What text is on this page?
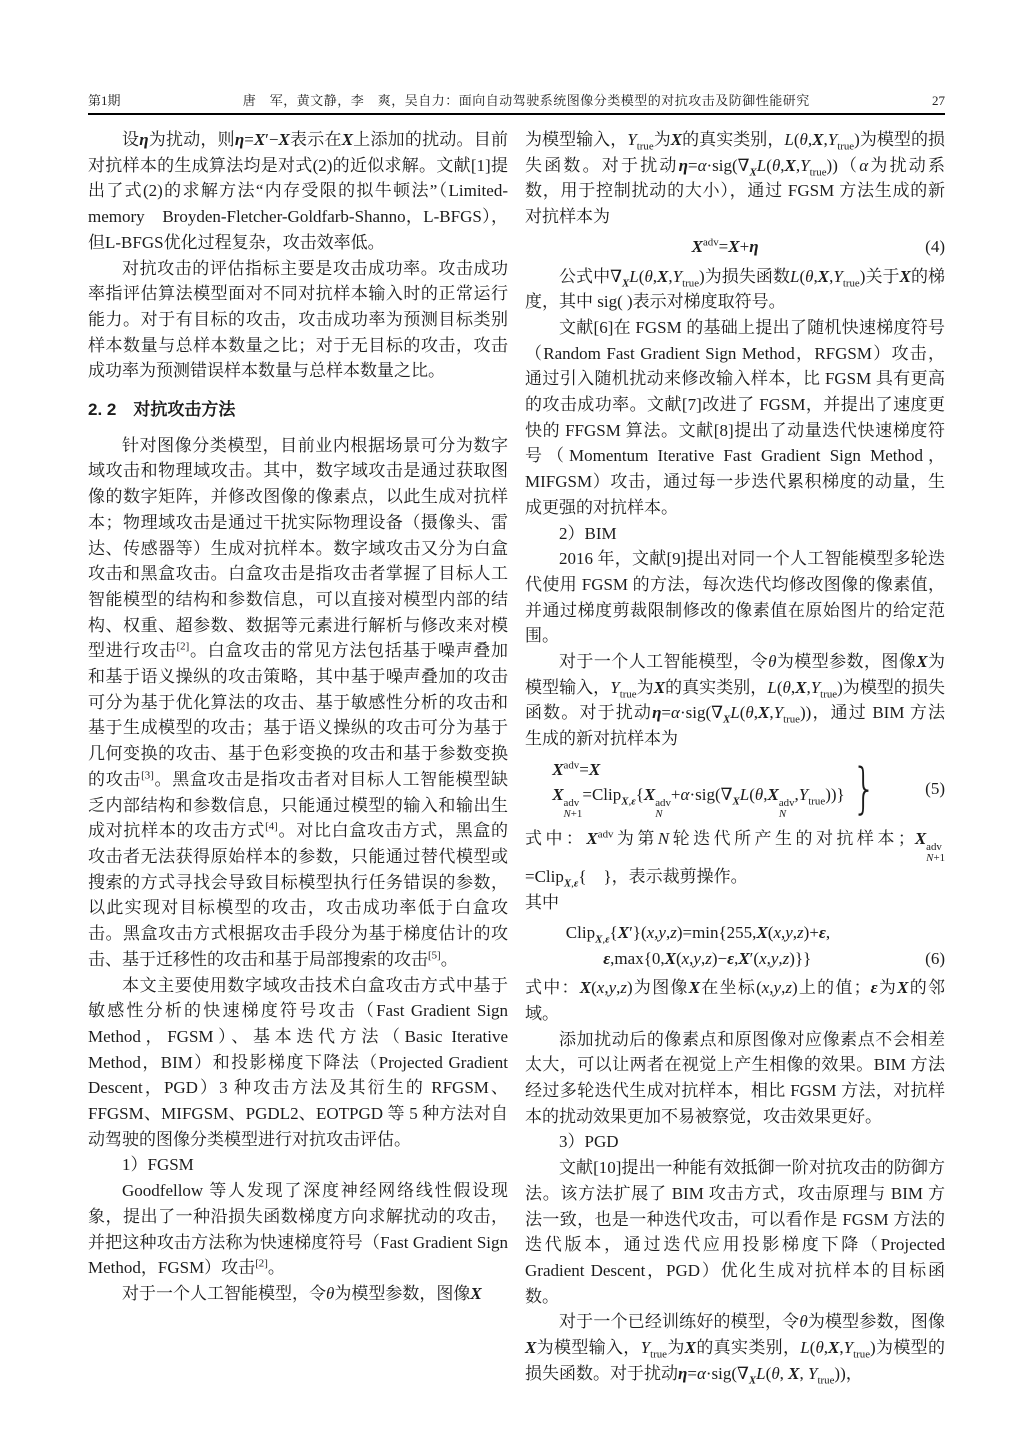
第1期	唐　军，黄文静，李　爽，吴自力：面向自动驾驶系统图像分类模型的对抗攻击及防御性能研究	27

设η为扰动，则η=X′−X表示在X上添加的扰动。目前对抗样本的生成算法均是对式(2)的近似求解。文献[1]提出了式(2)的求解方法“内存受限的拟牛顿法”（Limited-memory　Broyden-Fletcher-Goldfarb-Shanno，L-BFGS），但L-BFGS优化过程复杂，攻击效率低。

对抗攻击的评估指标主要是攻击成功率。攻击成功率指评估算法模型面对不同对抗样本输入时的正常运行能力。对于有目标的攻击，攻击成功率为预测目标类别样本数量与总样本数量之比；对于无目标的攻击，攻击成功率为预测错误样本数量与总样本数量之比。

2. 2　对抗攻击方法

针对图像分类模型，目前业内根据场景可分为数字域攻击和物理域攻击。其中，数字域攻击是通过获取图像的数字矩阵，并修改图像的像素点，以此生成对抗样本；物理域攻击是通过干扰实际物理设备（摄像头、雷达、传感器等）生成对抗样本。数字域攻击又分为白盒攻击和黑盒攻击。白盒攻击是指攻击者掌握了目标人工智能模型的结构和参数信息，可以直接对模型内部的结构、权重、超参数、数据等元素进行解析与修改来对模型进行攻击[2]。白盒攻击的常见方法包括基于噪声叠加和基于语义操纵的攻击策略，其中基于噪声叠加的攻击可分为基于优化算法的攻击、基于敏感性分析的攻击和基于生成模型的攻击；基于语义操纵的攻击可分为基于几何变换的攻击、基于色彩变换的攻击和基于参数变换的攻击[3]。黑盒攻击是指攻击者对目标人工智能模型缺乏内部结构和参数信息，只能通过模型的输入和输出生成对抗样本的攻击方式[4]。对比白盒攻击方式，黑盒的攻击者无法获得原始样本的参数，只能通过替代模型或搜索的方式寻找会导致目标模型执行任务错误的参数，以此实现对目标模型的攻击，攻击成功率低于白盒攻击。黑盒攻击方式根据攻击手段分为基于梯度估计的攻击、基于迁移性的攻击和基于局部搜索的攻击[5]。

本文主要使用数字域攻击技术白盒攻击方式中基于敏感性分析的快速梯度符号攻击（Fast Gradient Sign Method，FGSM）、基本迭代方法（Basic Iterative Method，BIM）和投影梯度下降法（Projected Gradient Descent，PGD）3 种攻击方法及其衍生的 RFGSM、FFGSM、MIFGSM、PGDL2、EOTPGD 等 5 种方法对自动驾驶的图像分类模型进行对抗攻击评估。

1）FGSM

Goodfellow 等人发现了深度神经网络线性假设现象，提出了一种沿损失函数梯度方向求解扰动的攻击，并把这种攻击方法称为快速梯度符号（Fast Gradient Sign Method，FGSM）攻击[2]。

对于一个人工智能模型，令θ为模型参数，图像X

为模型输入，$Y_{true}$为X的真实类别，$L(\theta,X,Y_{true})$为模型的损失函数。对于扰动$\eta=\alpha\cdot sig(\nabla_XL(\theta,X,Y_{true}))(\alpha$为扰动系数，用于控制扰动的大小），通过 FGSM 方法生成的新对抗样本为

$X^{adv}=X+\eta$	(4)

公式中$\nabla_XL(\theta,X,Y_{true})$为损失函数$L(\theta,X,Y_{true})$关于X的梯度，其中 sig( )表示对梯度取符号。

文献[6]在 FGSM 的基础上提出了随机快速梯度符号（Random Fast Gradient Sign Method，RFGSM）攻击，通过引入随机扰动来修改输入样本，比 FGSM 具有更高的攻击成功率。文献[7]改进了 FGSM，并提出了速度更快的 FFGSM 算法。文献[8]提出了动量迭代快速梯度符号（Momentum Iterative Fast Gradient Sign Method，MIFGSM）攻击，通过每一步迭代累积梯度的动量，生成更强的对抗样本。

2）BIM

2016 年，文献[9]提出对同一个人工智能模型多轮迭代使用 FGSM 的方法，每次迭代均修改图像的像素值，并通过梯度剪裁限制修改的像素值在原始图片的给定范围。

对于一个人工智能模型，令θ为模型参数，图像X为模型输入，$Y_{true}$为X的真实类别，$L(\theta,X,Y_{true})$为模型的损失函数。对于扰动$\eta=\alpha\cdot sig(\nabla_XL(\theta,X,Y_{true}))$，通过 BIM 方法生成的新对抗样本为

$X^{adv}=X$
X adv
N+1
=Clip$_{X,\varepsilon}${X adv
N
$+\alpha\cdot sig(\nabla_XL(\theta,X$ adv
N
$,Y_{true}$))} }	(5)

式中：$X^{adv}$为第N轮迭代所产生的对抗样本；X adv
N+1
=Clip$_{X,\varepsilon}${　}，表示裁剪操作。

其中

Clip$_{X,\varepsilon}${X′}(x,y,z)=min{255,X(x,y,z)+ε,
ε,max{0,X(x,y,z)−ε,X′(x,y,z)}}	(6)

式中：X(x,y,z)为图像X在坐标(x,y,z)上的值；ε为X的邻域。

添加扰动后的像素点和原图像对应像素点不会相差太大，可以让两者在视觉上产生相像的效果。BIM 方法经过多轮迭代生成对抗样本，相比 FGSM 方法，对抗样本的扰动效果更加不易被察觉，攻击效果更好。

3）PGD

文献[10]提出一种能有效抵御一阶对抗攻击的防御方法。该方法扩展了 BIM 攻击方式，攻击原理与 BIM 方法一致，也是一种迭代攻击，可以看作是 FGSM 方法的迭代版本，通过迭代应用投影梯度下降（Projected Gradient Descent，PGD）优化生成对抗样本的目标函数。

对于一个已经训练好的模型，令θ为模型参数，图像X为模型输入，$Y_{true}$为X的真实类别，$L(\theta,X,Y_{true})$为模型的损失函数。对于扰动$\eta=\alpha\cdot sig(\nabla_XL(\theta$, X, $Y_{true}$))，
